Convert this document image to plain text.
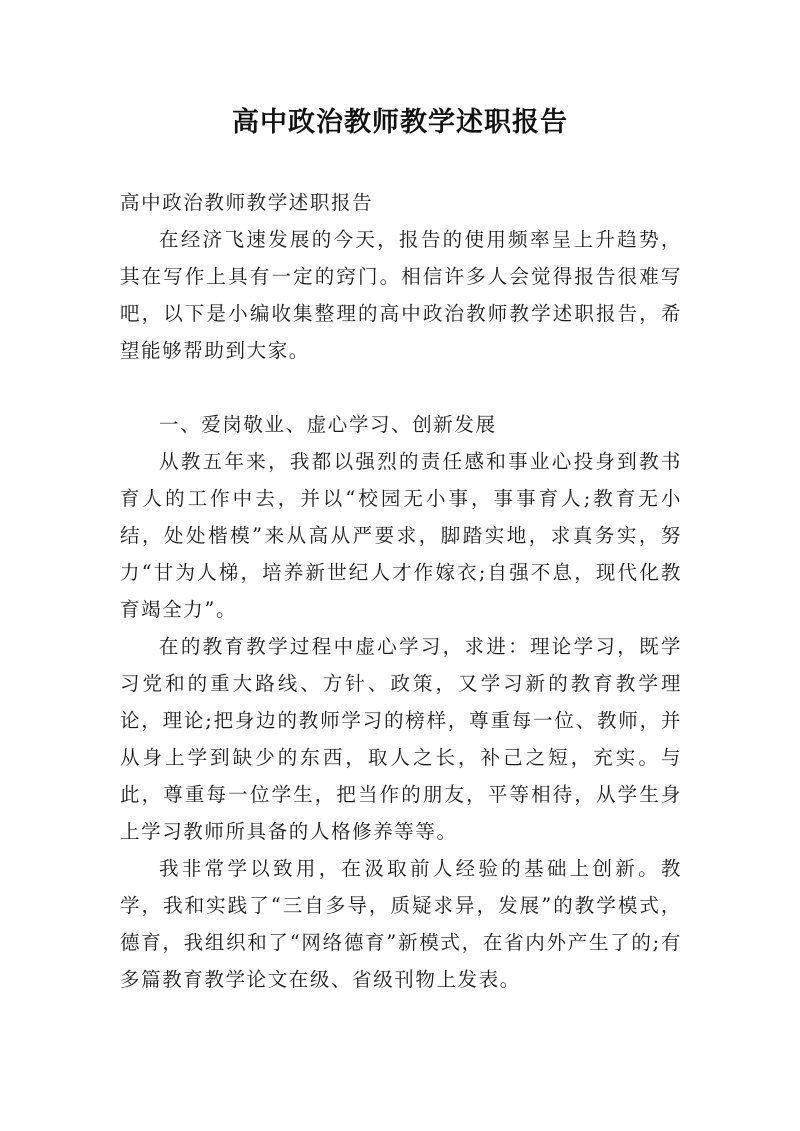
高中政治教师教学述职报告

高中政治教师教学述职报告

在经济飞速发展的今天，报告的使用频率呈上升趋势，其在写作上具有一定的窍门。相信许多人会觉得报告很难写吧，以下是小编收集整理的高中政治教师教学述职报告，希望能够帮助到大家。

一、爱岗敬业、虚心学习、创新发展

从教五年来，我都以强烈的责任感和事业心投身到教书育人的工作中去，并以“校园无小事，事事育人;教育无小结，处处楷模”来从高从严要求，脚踏实地，求真务实，努力“甘为人梯，培养新世纪人才作嫁衣;自强不息，现代化教育竭全力”。

在的教育教学过程中虚心学习，求进：理论学习，既学习党和的重大路线、方针、政策，又学习新的教育教学理论，理论;把身边的教师学习的榜样，尊重每一位、教师，并从身上学到缺少的东西，取人之长，补己之短，充实。与此，尊重每一位学生，把当作的朋友，平等相待，从学生身上学习教师所具备的人格修养等等。

我非常学以致用，在汲取前人经验的基础上创新。教学，我和实践了“三自多导，质疑求异，发展”的教学模式，德育，我组织和了“网络德育”新模式，在省内外产生了的;有多篇教育教学论文在级、省级刊物上发表。
